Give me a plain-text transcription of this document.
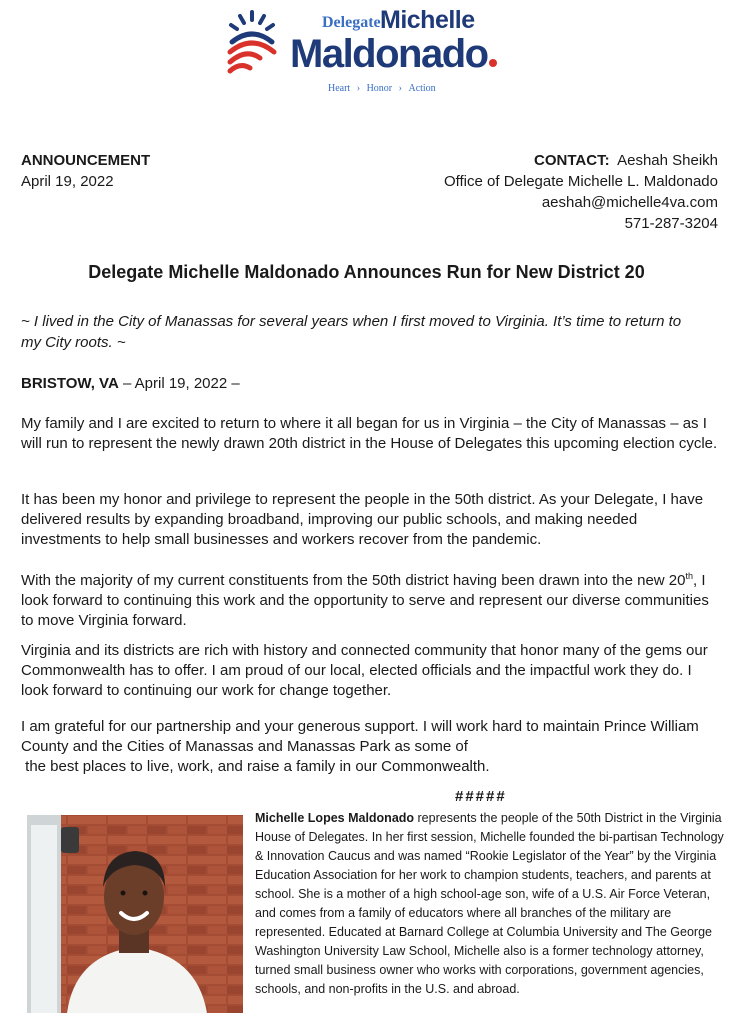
Delegate Michelle
Maldonado
Heart › Honor › Action
ANNOUNCEMENT
April 19, 2022
CONTACT: Aeshah Sheikh
Office of Delegate Michelle L. Maldonado
aeshah@michelle4va.com
571-287-3204
Delegate Michelle Maldonado Announces Run for New District 20
~ I lived in the City of Manassas for several years when I first moved to Virginia. It’s time to return to my City roots. ~
BRISTOW, VA – April 19, 2022 –
My family and I are excited to return to where it all began for us in Virginia – the City of Manassas – as I will run to represent the newly drawn 20th district in the House of Delegates this upcoming election cycle.
It has been my honor and privilege to represent the people in the 50th district. As your Delegate, I have delivered results by expanding broadband, improving our public schools, and making needed investments to help small businesses and workers recover from the pandemic.
With the majority of my current constituents from the 50th district having been drawn into the new 20th, I look forward to continuing this work and the opportunity to serve and represent our diverse communities to move Virginia forward.
Virginia and its districts are rich with history and connected community that honor many of the gems our Commonwealth has to offer. I am proud of our local, elected officials and the impactful work they do. I look forward to continuing our work for change together.
I am grateful for our partnership and your generous support. I will work hard to maintain Prince William County and the Cities of Manassas and Manassas Park as some of
the best places to live, work, and raise a family in our Commonwealth.
#####
Michelle Lopes Maldonado represents the people of the 50th District in the Virginia House of Delegates. In her first session, Michelle founded the bi-partisan Technology & Innovation Caucus and was named “Rookie Legislator of the Year” by the Virginia Education Association for her work to champion students, teachers, and parents at school. She is a mother of a high school-age son, wife of a U.S. Air Force Veteran, and comes from a family of educators where all branches of the military are represented. Educated at Barnard College at Columbia University and The George Washington University Law School, Michelle also is a former technology attorney, turned small business owner who works with corporations, government agencies, schools, and non-profits in the U.S. and abroad.
